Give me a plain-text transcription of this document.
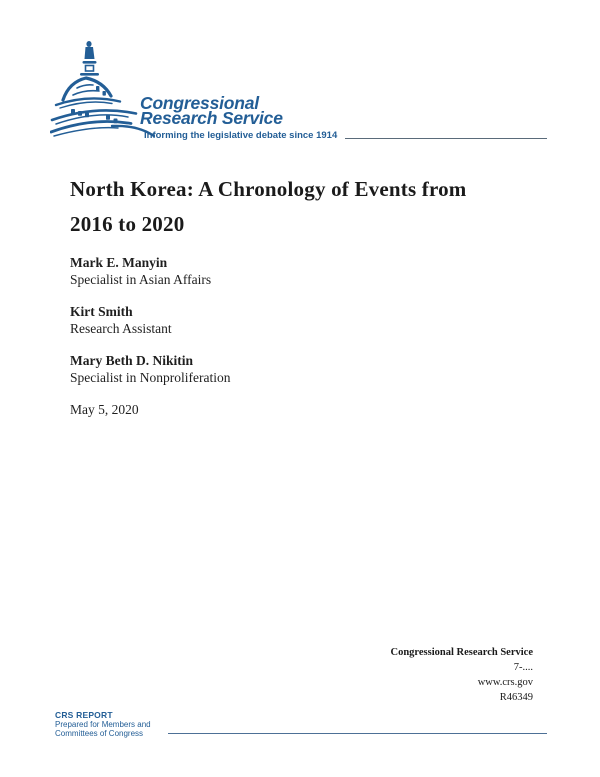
Congressional
Research Service
Informing the legislative debate since 1914
North Korea: A Chronology of Events from
2016 to 2020
Mark E. Manyin
Specialist in Asian Affairs
Kirt Smith
Research Assistant
Mary Beth D. Nikitin
Specialist in Nonproliferation
May 5, 2020
Congressional Research Service
7-....
www.crs.gov
R46349
CRS REPORT
Prepared for Members and
Committees of Congress
